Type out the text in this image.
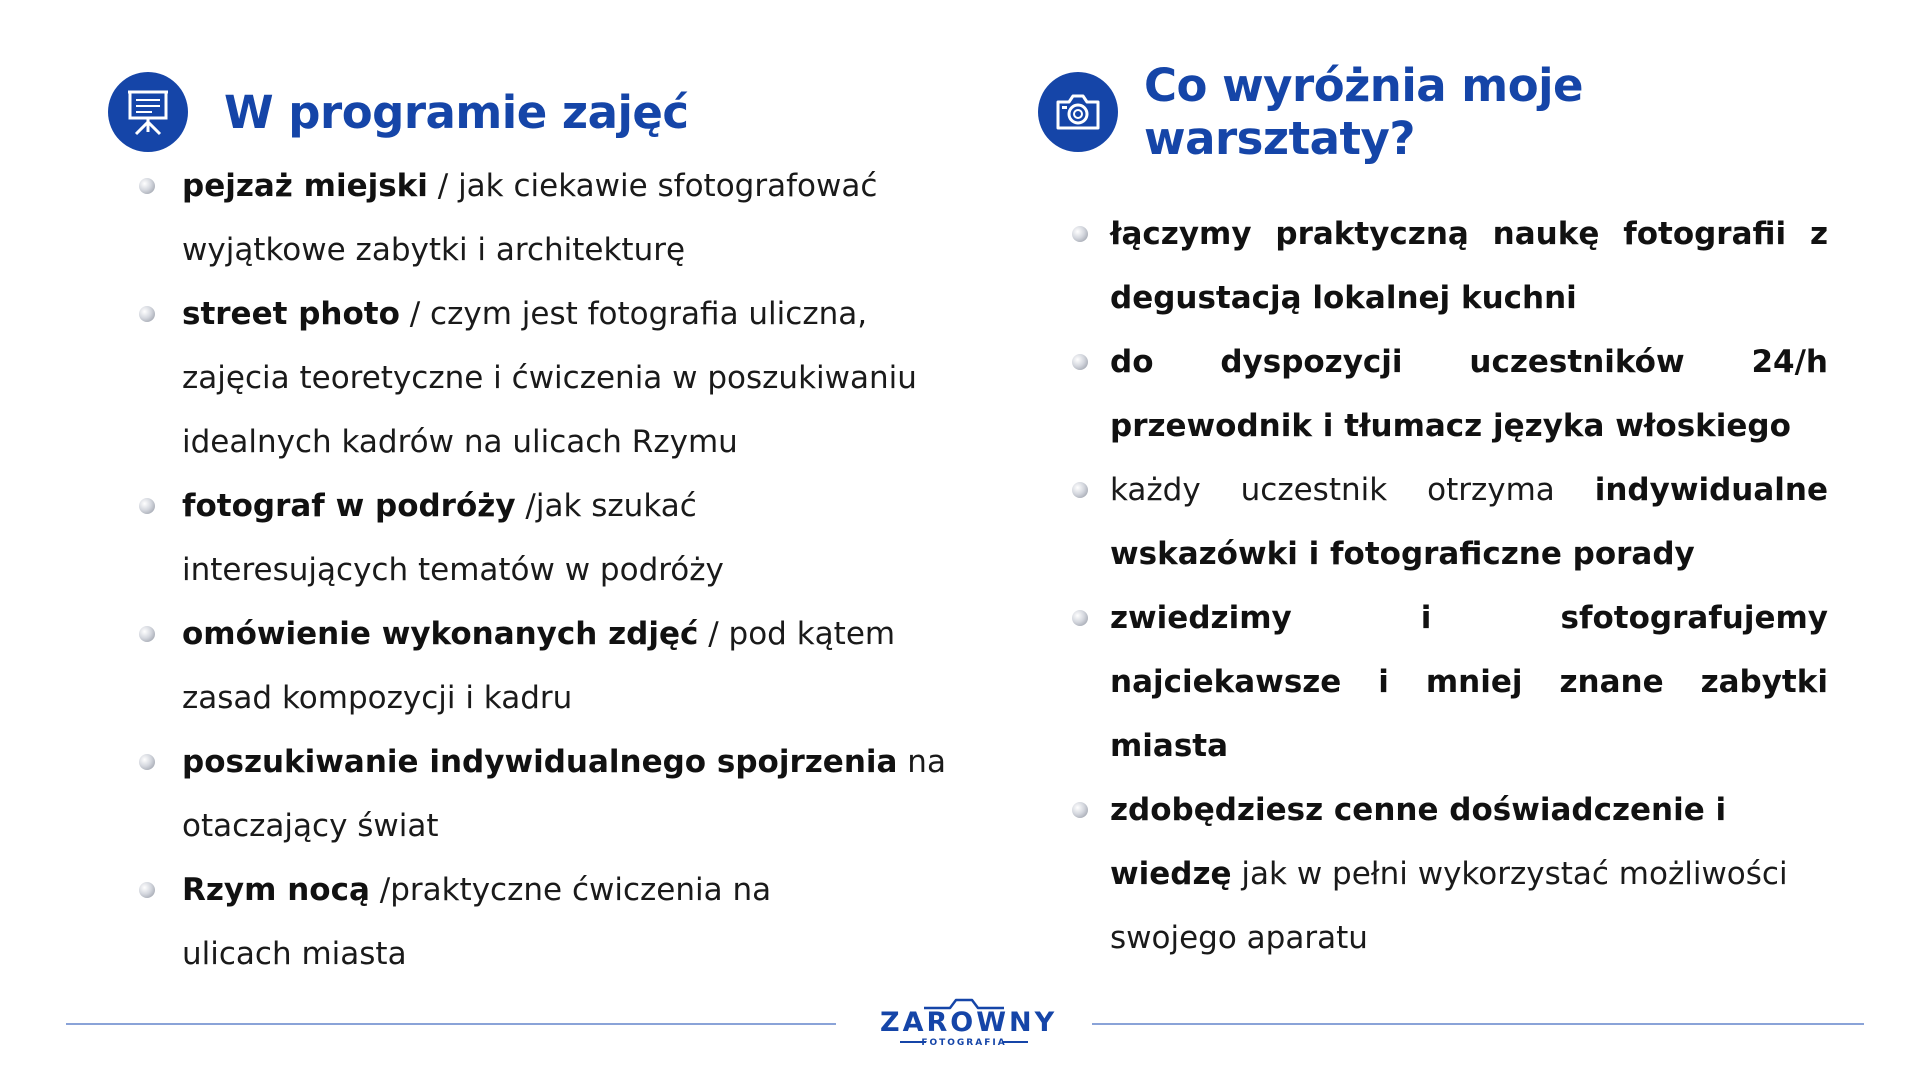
W programie zajęć
pejzaż miejski / jak ciekawie sfotografować wyjątkowe zabytki i architekturę
street photo / czym jest fotografia uliczna, zajęcia teoretyczne i ćwiczenia w poszukiwaniu idealnych kadrów na ulicach Rzymu
fotograf w podróży /jak szukać interesujących tematów w podróży
omówienie wykonanych zdjęć / pod kątem zasad kompozycji i kadru
poszukiwanie indywidualnego spojrzenia na otaczający świat
Rzym nocą /praktyczne ćwiczenia na ulicach miasta
Co wyróżnia moje warsztaty?
łączymy praktyczną naukę fotografii z degustacją lokalnej kuchni
do dyspozycji uczestników 24/h przewodnik i tłumacz języka włoskiego
każdy uczestnik otrzyma indywidualne wskazówki i fotograficzne porady
zwiedzimy i sfotografujemy najciekawsze i mniej znane zabytki miasta
zdobędziesz cenne doświadczenie i wiedzę jak w pełni wykorzystać możliwości swojego aparatu
ZAROWNY
FOTOGRAFIA
